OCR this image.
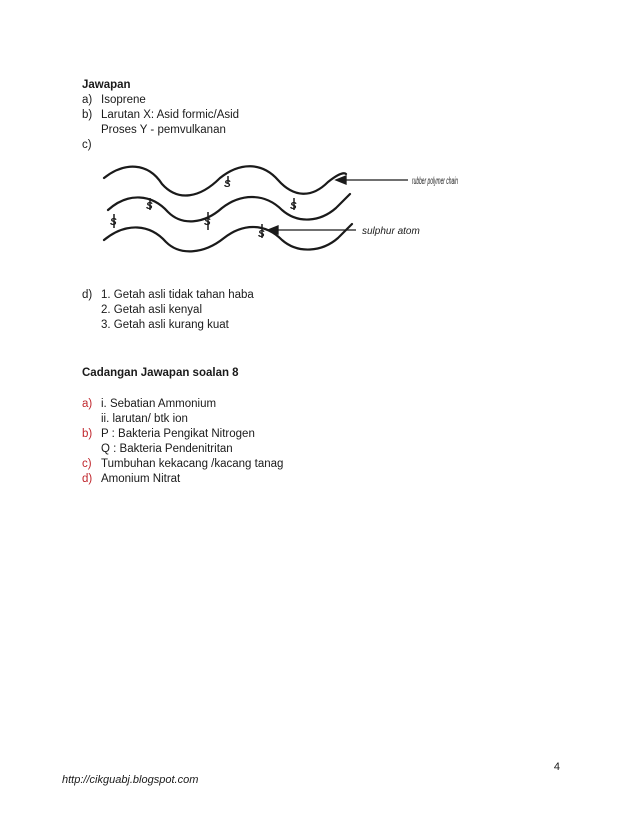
Jawapan
a) Isoprene
b) Larutan X: Asid formic/Asid
Proses Y - pemvulkanan
c)
S
S	S
S	S
S
rubber polymer chain
sulphur atom
d) 1. Getah asli tidak tahan haba
2. Getah asli kenyal
3. Getah asli kurang kuat
Cadangan Jawapan soalan 8
a) i. Sebatian Ammonium
ii. larutan/ btk ion
b) P : Bakteria Pengikat Nitrogen
Q : Bakteria Pendenitritan
c) Tumbuhan kekacang /kacang tanag
d) Amonium Nitrat
4
http://cikguabj.blogspot.com
